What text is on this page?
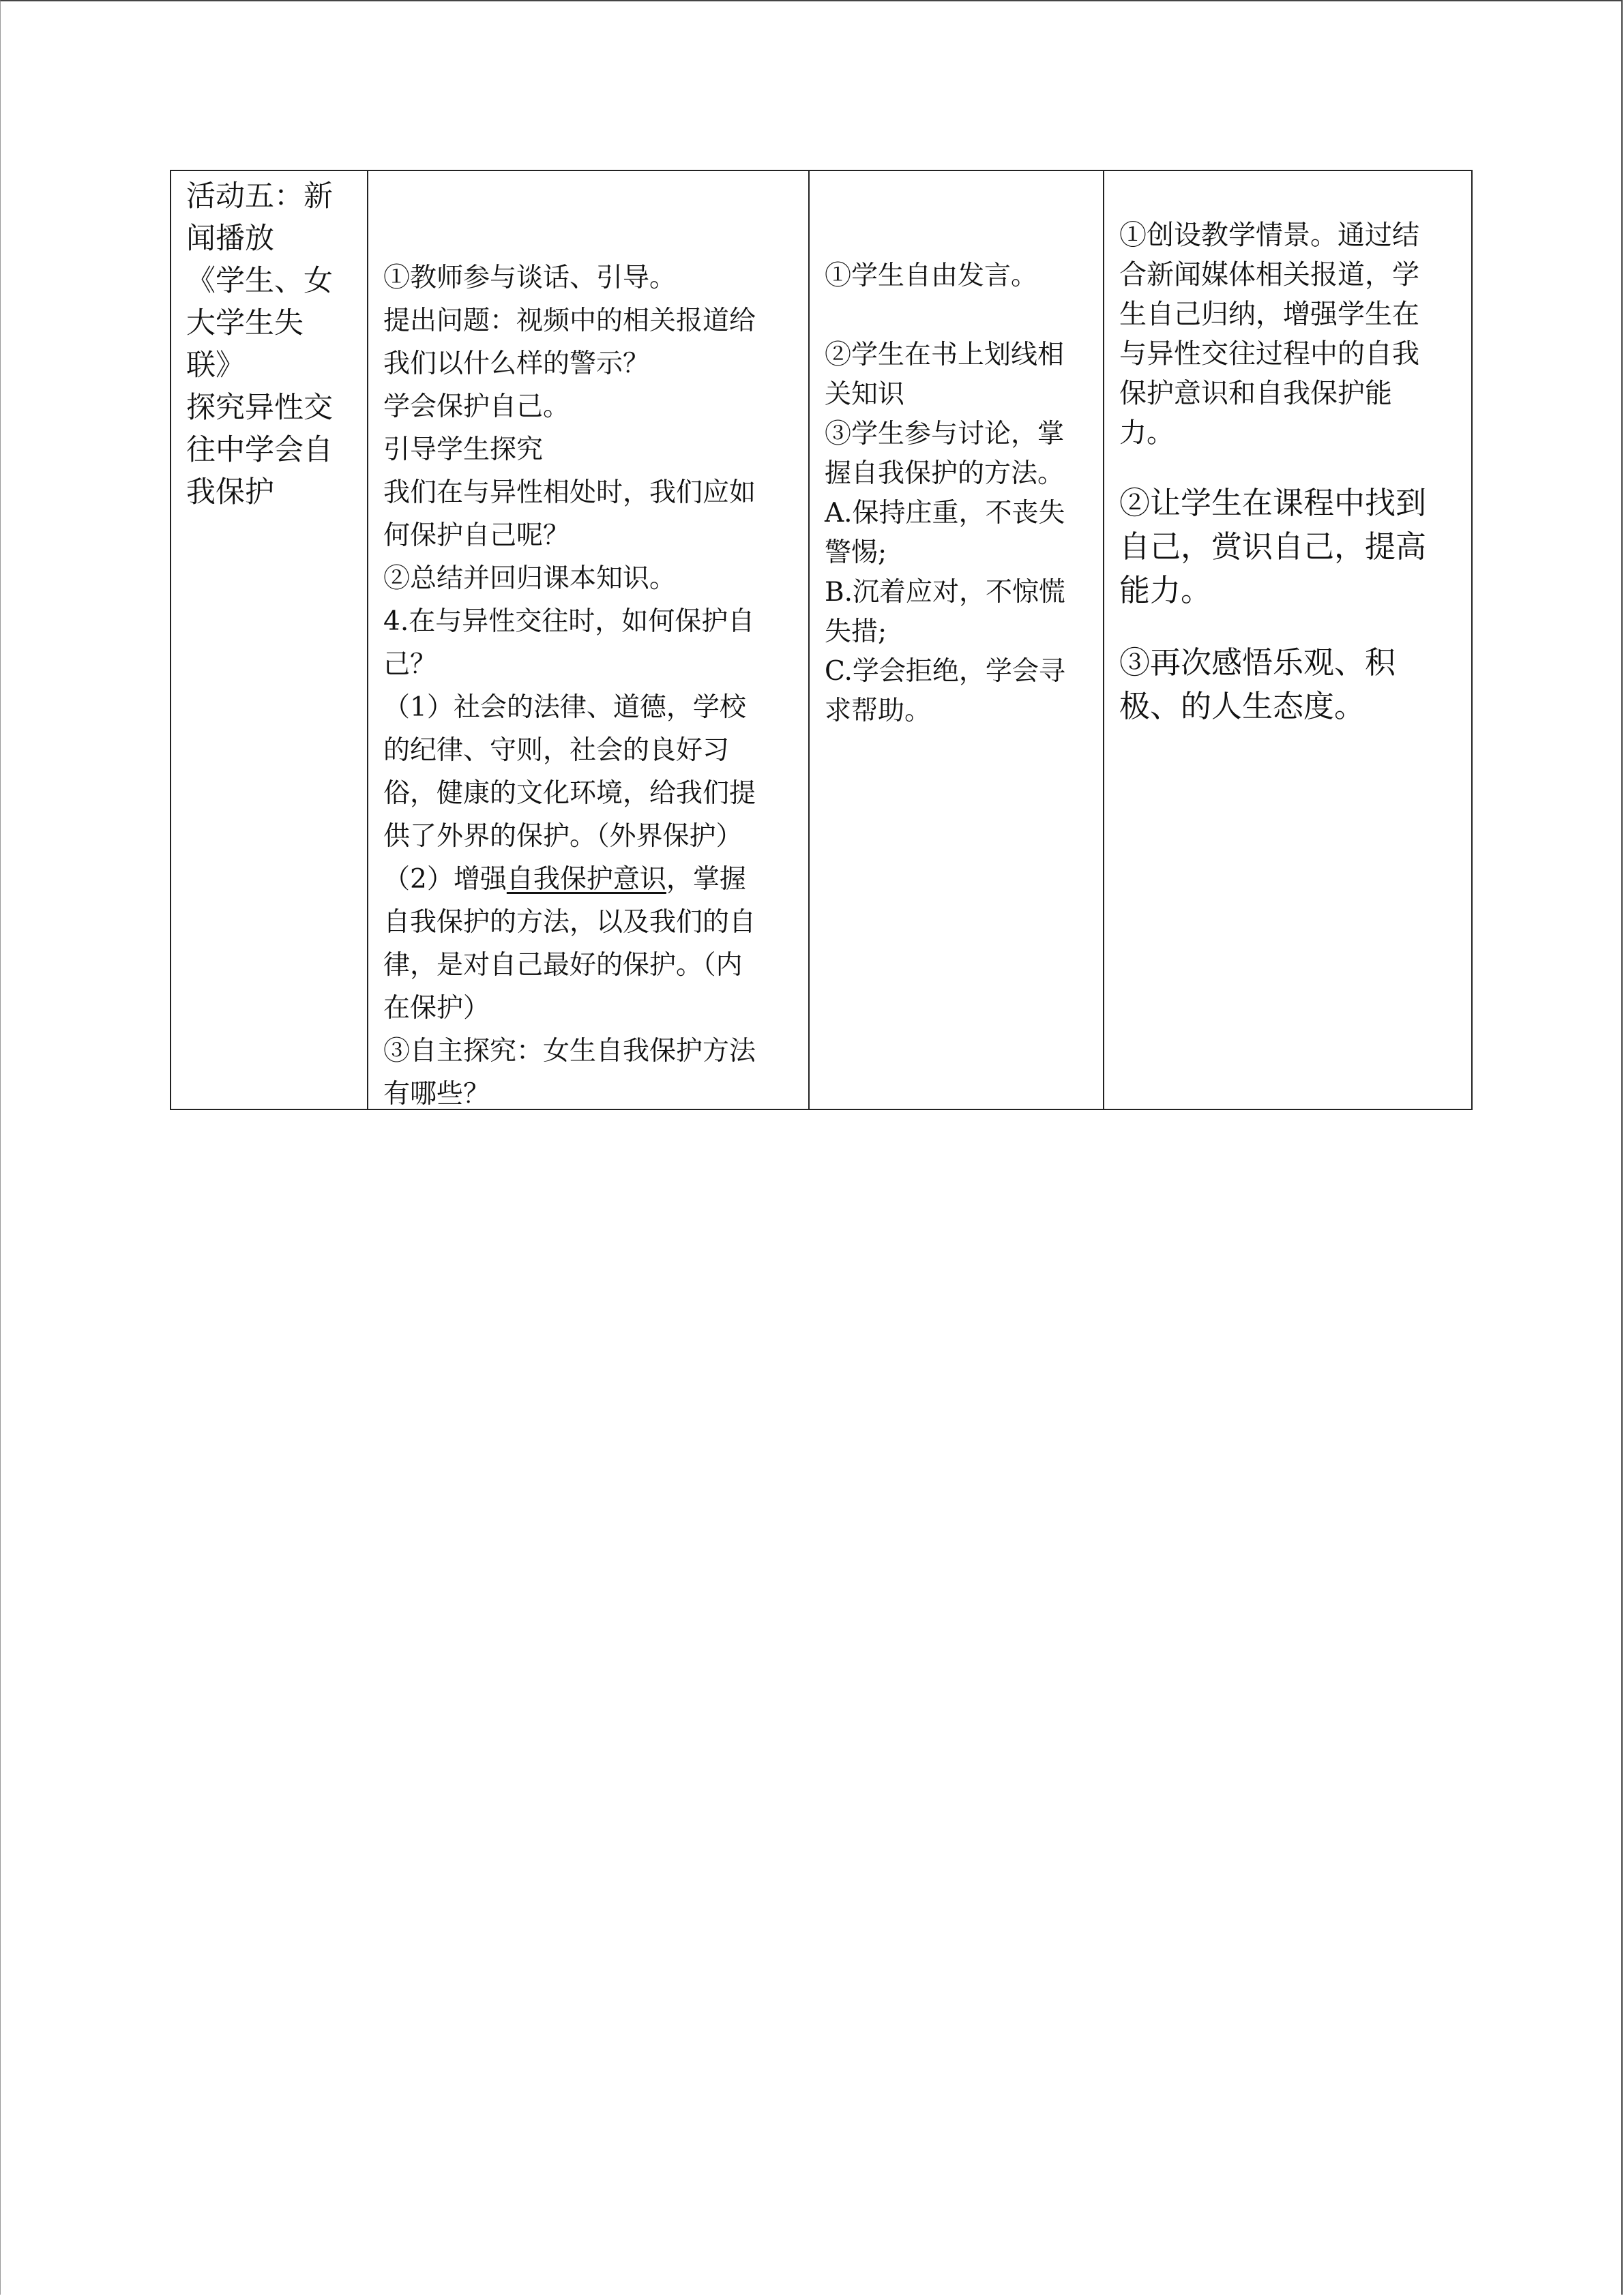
活动五：新
闻播放
《学生、女
大学生失
联》
探究异性交
往中学会自
我保护

①教师参与谈话、引导。
提出问题：视频中的相关报道给
我们以什么样的警示？
学会保护自己。
引导学生探究
我们在与异性相处时，我们应如
何保护自己呢？
②总结并回归课本知识。
4.在与异性交往时，如何保护自
己？
（1）社会的法律、道德，学校
的纪律、守则，社会的良好习
俗，健康的文化环境，给我们提
供了外界的保护。（外界保护）
（2）增强自我保护意识，掌握
自我保护的方法，以及我们的自
律，是对自己最好的保护。（内
在保护）
③自主探究：女生自我保护方法
有哪些？

①学生自由发言。
②学生在书上划线相
关知识
③学生参与讨论，掌
握自我保护的方法。
A.保持庄重，不丧失
警惕;
B.沉着应对，不惊慌
失措;
C.学会拒绝，学会寻
求帮助。

①创设教学情景。通过结
合新闻媒体相关报道，学
生自己归纳，增强学生在
与异性交往过程中的自我
保护意识和自我保护能
力。
②让学生在课程中找到
自己，赏识自己，提高
能力。
③再次感悟乐观、积
极、的人生态度。
